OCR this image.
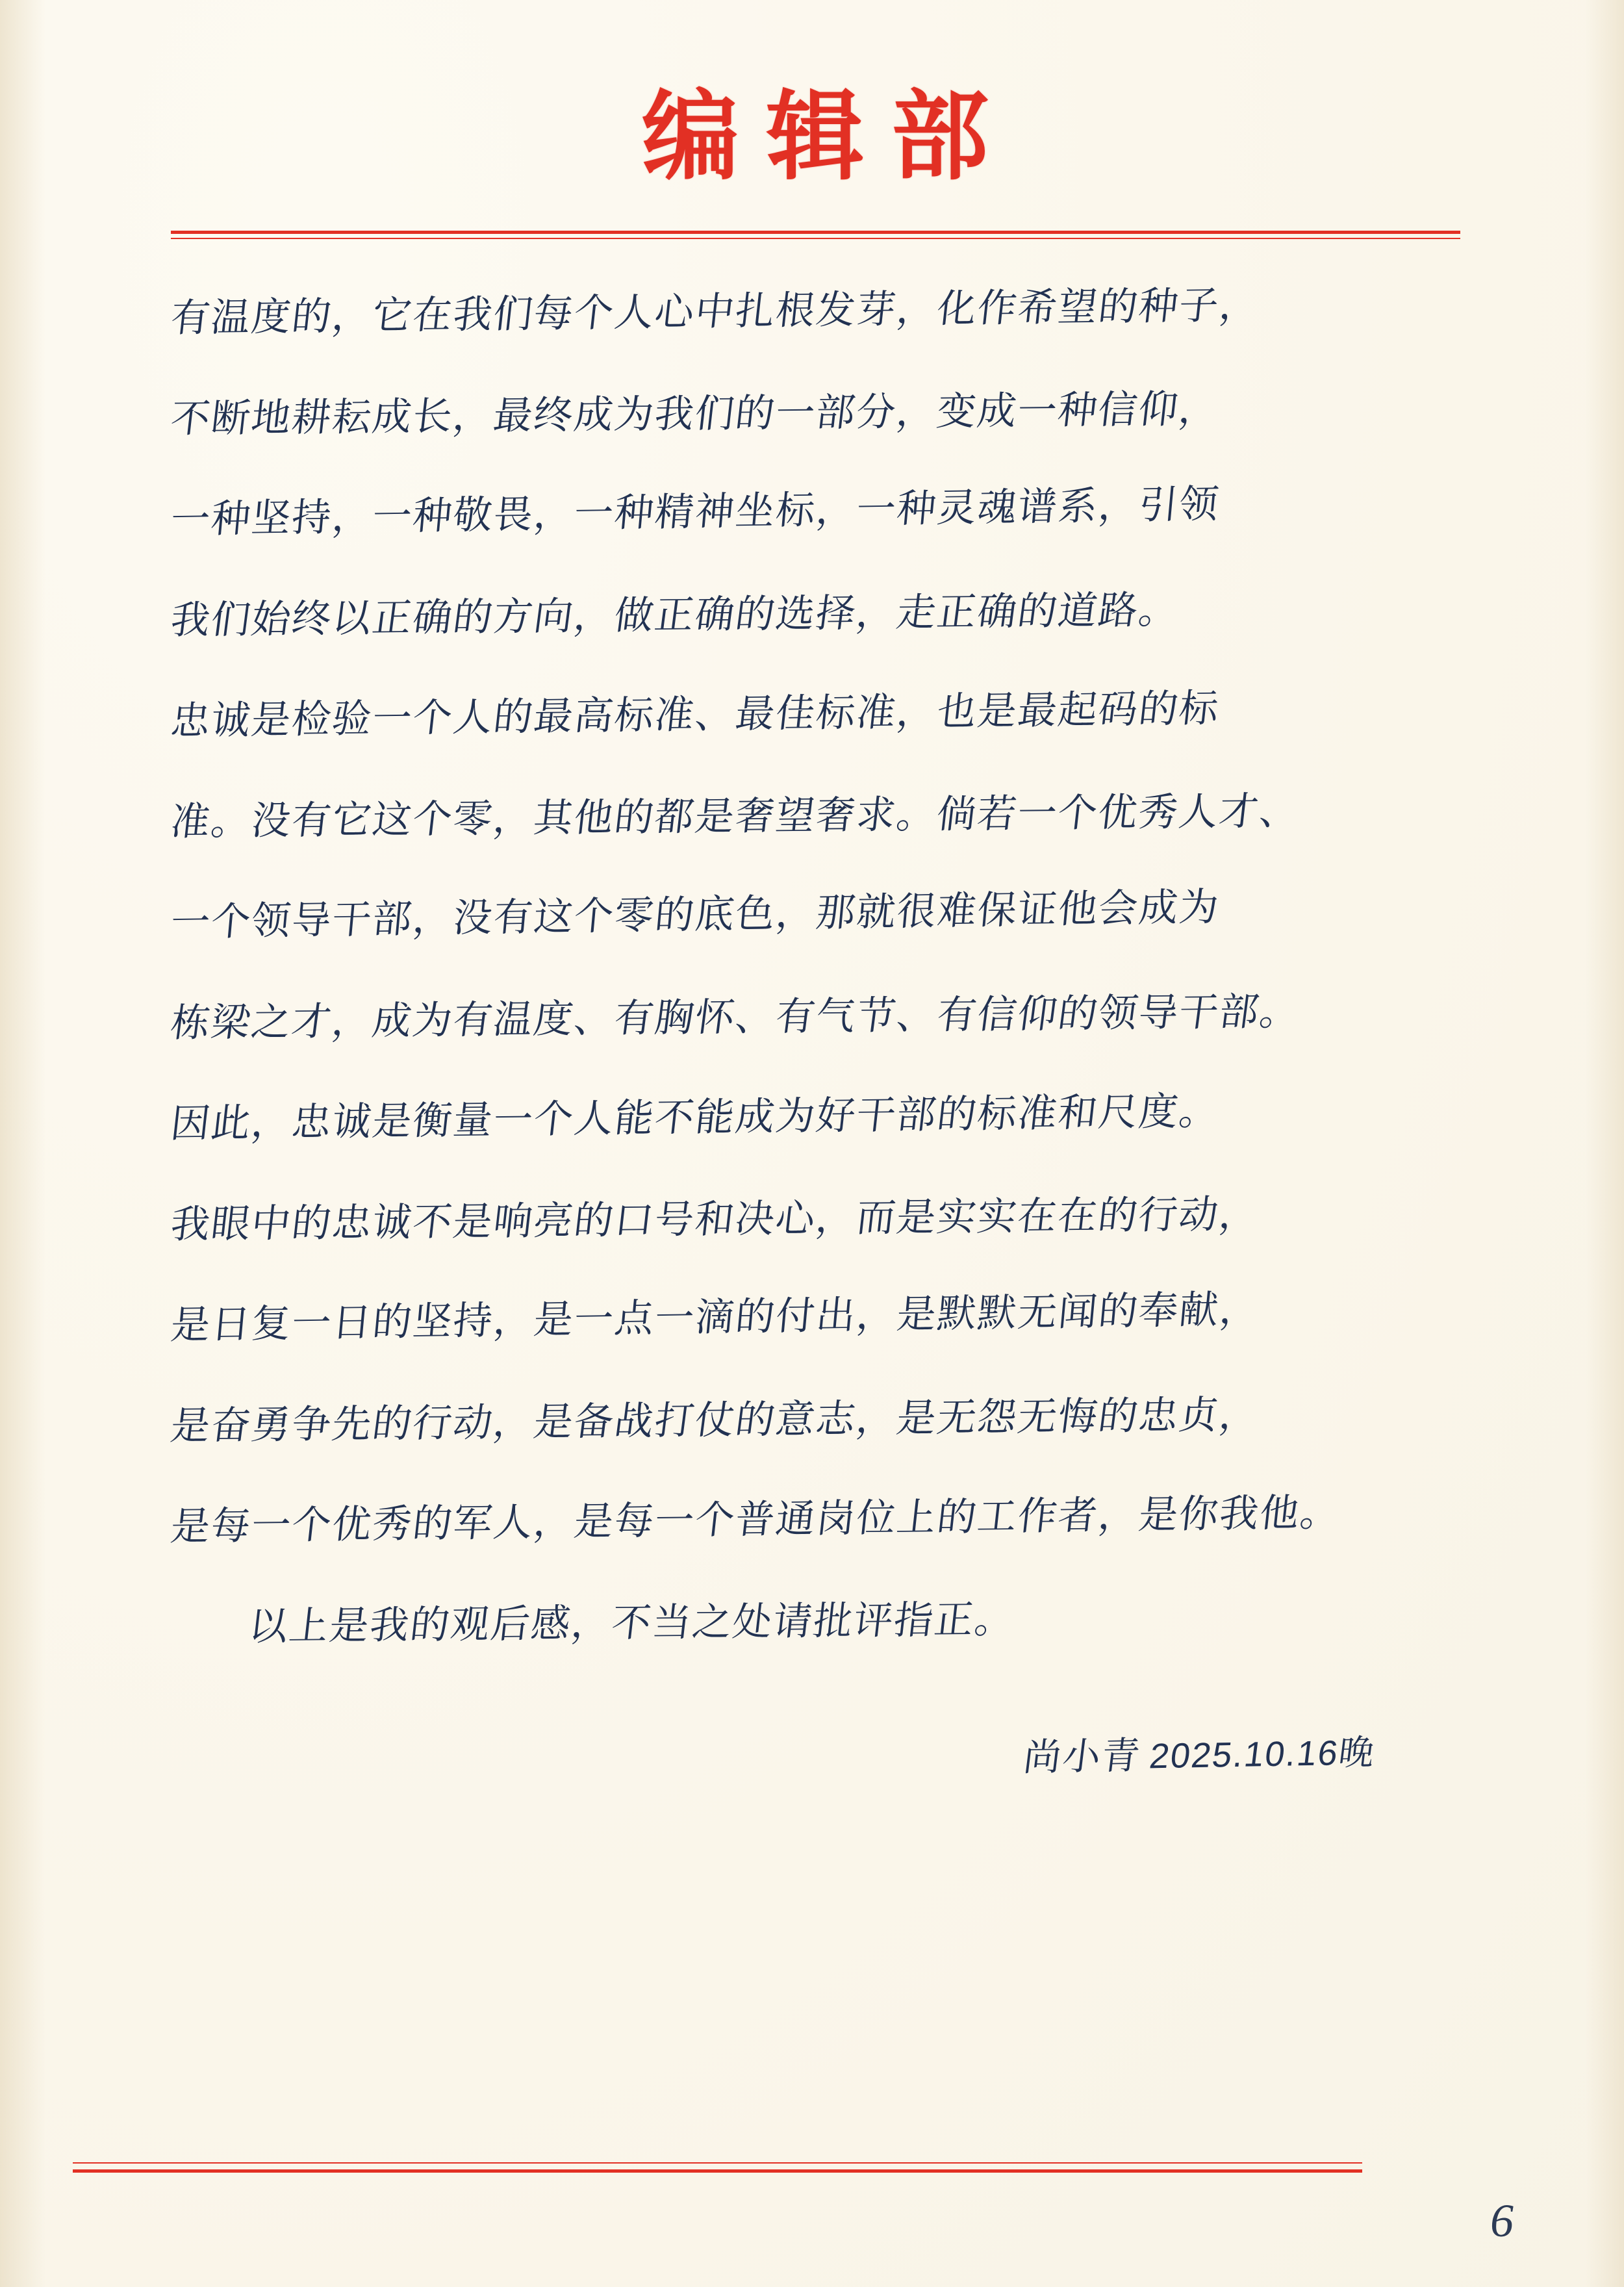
编辑部
有温度的，它在我们每个人心中扎根发芽，化作希望的种子，
不断地耕耘成长，最终成为我们的一部分，变成一种信仰，
一种坚持，一种敬畏，一种精神坐标，一种灵魂谱系，引领
我们始终以正确的方向，做正确的选择，走正确的道路。
忠诚是检验一个人的最高标准、最佳标准，也是最起码的标
准。没有它这个零，其他的都是奢望奢求。倘若一个优秀人才、
一个领导干部，没有这个零的底色，那就很难保证他会成为
栋梁之才，成为有温度、有胸怀、有气节、有信仰的领导干部。
因此，忠诚是衡量一个人能不能成为好干部的标准和尺度。
我眼中的忠诚不是响亮的口号和决心，而是实实在在的行动，
是日复一日的坚持，是一点一滴的付出，是默默无闻的奉献，
是奋勇争先的行动，是备战打仗的意志，是无怨无悔的忠贞，
是每一个优秀的军人，是每一个普通岗位上的工作者，是你我他。
以上是我的观后感，不当之处请批评指正。
尚小青 2025.10.16晚
6
